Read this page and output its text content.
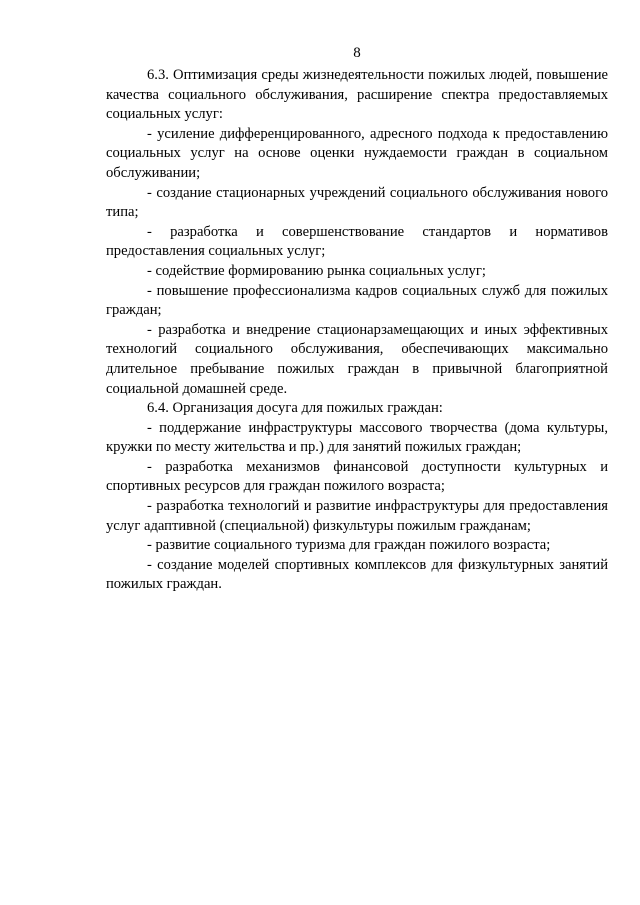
8

6.3. Оптимизация среды жизнедеятельности пожилых людей, повышение качества социального обслуживания, расширение спектра предоставляемых социальных услуг:

- усиление дифференцированного, адресного подхода к предоставлению социальных услуг на основе оценки нуждаемости граждан в социальном обслуживании;

- создание стационарных учреждений социального обслуживания нового типа;

- разработка и совершенствование стандартов и нормативов предоставления социальных услуг;

- содействие формированию рынка социальных услуг;

- повышение профессионализма кадров социальных служб для пожилых граждан;

- разработка и внедрение стационарзамещающих и иных эффективных технологий социального обслуживания, обеспечивающих максимально длительное пребывание пожилых граждан в привычной благоприятной социальной домашней среде.

6.4. Организация досуга для пожилых граждан:

- поддержание инфраструктуры массового творчества (дома культуры, кружки по месту жительства и пр.) для занятий пожилых граждан;

- разработка механизмов финансовой доступности культурных и спортивных ресурсов для граждан пожилого возраста;

- разработка технологий и развитие инфраструктуры для предоставления услуг адаптивной (специальной) физкультуры пожилым гражданам;

- развитие социального туризма для граждан пожилого возраста;

- создание моделей спортивных комплексов для физкультурных занятий пожилых граждан.
